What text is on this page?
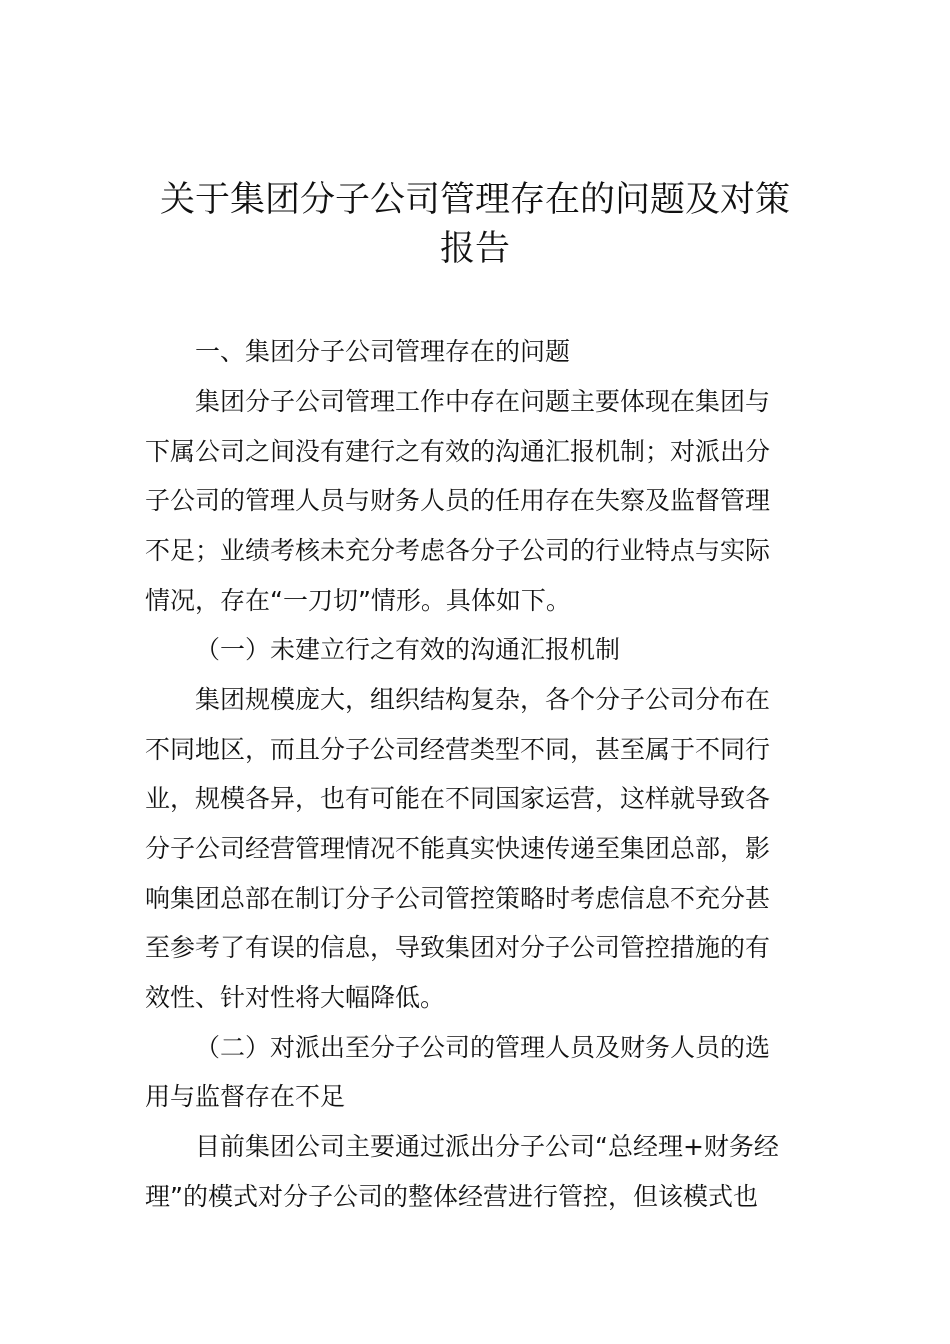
关于集团分子公司管理存在的问题及对策
报告

一、集团分子公司管理存在的问题

集团分子公司管理工作中存在问题主要体现在集团与

下属公司之间没有建行之有效的沟通汇报机制；对派出分

子公司的管理人员与财务人员的任用存在失察及监督管理

不足；业绩考核未充分考虑各分子公司的行业特点与实际

情况，存在“一刀切”情形。具体如下。

（一）未建立行之有效的沟通汇报机制

集团规模庞大，组织结构复杂，各个分子公司分布在

不同地区，而且分子公司经营类型不同，甚至属于不同行

业，规模各异，也有可能在不同国家运营，这样就导致各

分子公司经营管理情况不能真实快速传递至集团总部，影

响集团总部在制订分子公司管控策略时考虑信息不充分甚

至参考了有误的信息，导致集团对分子公司管控措施的有

效性、针对性将大幅降低。

（二）对派出至分子公司的管理人员及财务人员的选

用与监督存在不足

目前集团公司主要通过派出分子公司“总经理+财务经

理”的模式对分子公司的整体经营进行管控，但该模式也
